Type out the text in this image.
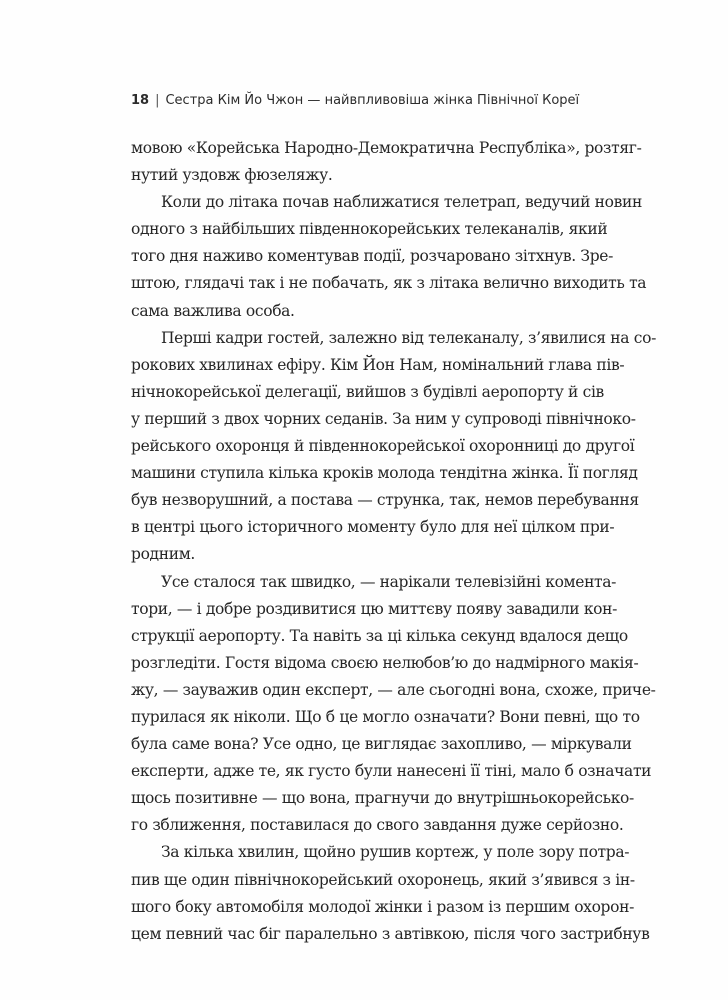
18 | Сестра Кім Йо Чжон — найвпливовіша жінка Північної Кореї
мовою «Корейська Народно-Демократична Республіка», розтяг-
нутий уздовж фюзеляжу.
Коли до літака почав наближатися телетрап, ведучий новин
одного з найбільших південнокорейських телеканалів, який
того дня наживо коментував події, розчаровано зітхнув. Зре-
штою, глядачі так і не побачать, як з літака велично виходить та
сама важлива особа.
Перші кадри гостей, залежно від телеканалу, з’явилися на со-
рокових хвилинах ефіру. Кім Йон Нам, номінальний глава пів-
нічнокорейської делегації, вийшов з будівлі аеропорту й сів
у перший з двох чорних седанів. За ним у супроводі північноко-
рейського охоронця й південнокорейської охоронниці до другої
машини ступила кілька кроків молода тендітна жінка. Її погляд
був незворушний, а постава — струнка, так, немов перебування
в центрі цього історичного моменту було для неї цілком при-
родним.
Усе сталося так швидко, — нарікали телевізійні коментa-
тори, — і добре роздивитися цю миттєву появу завадили кон-
струкції аеропорту. Та навіть за ці кілька секунд вдалося дещо
розгледіти. Гостя відома своєю нелюбов’ю до надмірного макія-
жу, — зауважив один експерт, — але сьогодні вона, схоже, приче-
пурилася як ніколи. Що б це могло означати? Вони певні, що то
була саме вона? Усе одно, це виглядає захопливо, — міркували
експерти, адже те, як густо були нанесені її тіні, мало б означати
щось позитивне — що вона, прагнучи до внутрішньокорейсько-
го зближення, поставилася до свого завдання дуже серйозно.
За кілька хвилин, щойно рушив кортеж, у поле зору потра-
пив ще один північнокорейський охоронець, який з’явився з ін-
шого боку автомобіля молодої жінки і разом із першим охорон-
цем певний час біг паралельно з автівкою, після чого застрибнув
